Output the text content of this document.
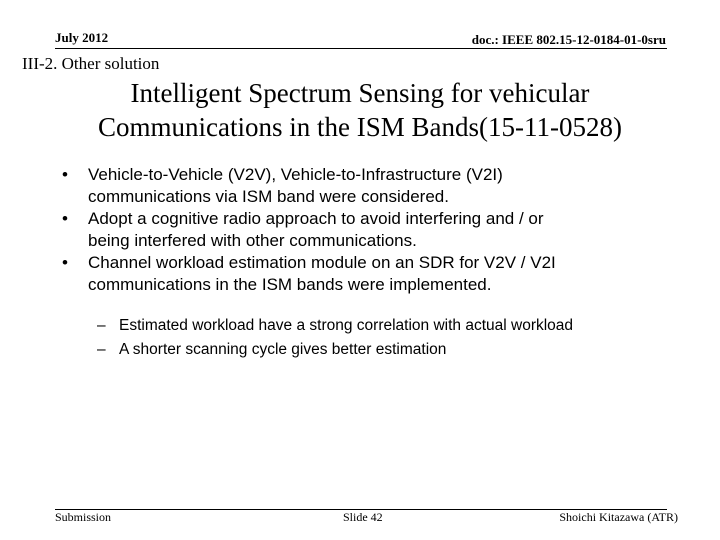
July 2012	doc.: IEEE 802.15-12-0184-01-0sru
III-2. Other solution
Intelligent Spectrum Sensing for vehicular
Communications in the ISM Bands(15-11-0528)
• Vehicle-to-Vehicle (V2V), Vehicle-to-Infrastructure (V2I)
communications via ISM band were considered.
• Adopt a cognitive radio approach to avoid interfering and / or
being interfered with other communications.
• Channel workload estimation module on an SDR for V2V / V2I
communications in the ISM bands were implemented.
– Estimated workload have a strong correlation with actual workload
– A shorter scanning cycle gives better estimation
Submission	Slide 42	Shoichi Kitazawa (ATR)
